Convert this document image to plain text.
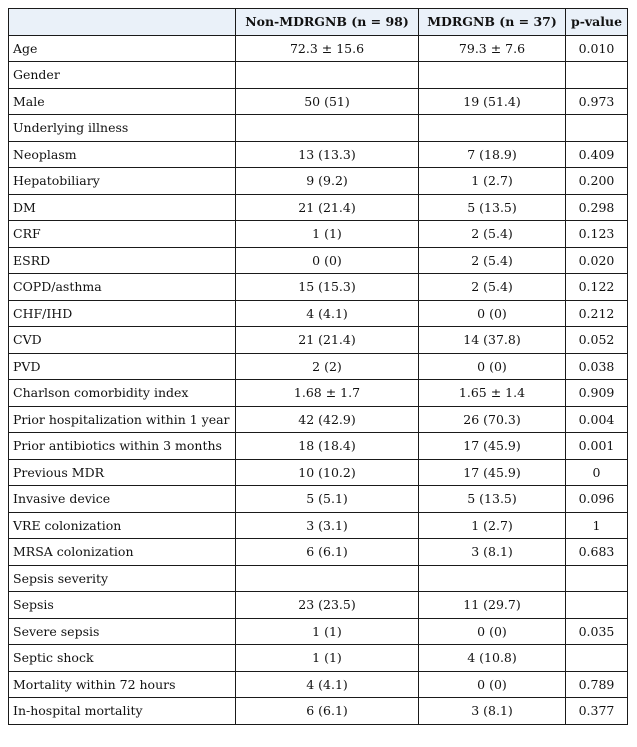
	Non-MDRGNB (n = 98)	MDRGNB (n = 37)	p-value
Age	72.3 ± 15.6	79.3 ± 7.6	0.010
Gender			
Male	50 (51)	19 (51.4)	0.973
Underlying illness			
Neoplasm	13 (13.3)	7 (18.9)	0.409
Hepatobiliary	9 (9.2)	1 (2.7)	0.200
DM	21 (21.4)	5 (13.5)	0.298
CRF	1 (1)	2 (5.4)	0.123
ESRD	0 (0)	2 (5.4)	0.020
COPD/asthma	15 (15.3)	2 (5.4)	0.122
CHF/IHD	4 (4.1)	0 (0)	0.212
CVD	21 (21.4)	14 (37.8)	0.052
PVD	2 (2)	0 (0)	0.038
Charlson comorbidity index	1.68 ± 1.7	1.65 ± 1.4	0.909
Prior hospitalization within 1 year	42 (42.9)	26 (70.3)	0.004
Prior antibiotics within 3 months	18 (18.4)	17 (45.9)	0.001
Previous MDR	10 (10.2)	17 (45.9)	0
Invasive device	5 (5.1)	5 (13.5)	0.096
VRE colonization	3 (3.1)	1 (2.7)	1
MRSA colonization	6 (6.1)	3 (8.1)	0.683
Sepsis severity			
Sepsis	23 (23.5)	11 (29.7)	
Severe sepsis	1 (1)	0 (0)	0.035
Septic shock	1 (1)	4 (10.8)	
Mortality within 72 hours	4 (4.1)	0 (0)	0.789
In-hospital mortality	6 (6.1)	3 (8.1)	0.377
